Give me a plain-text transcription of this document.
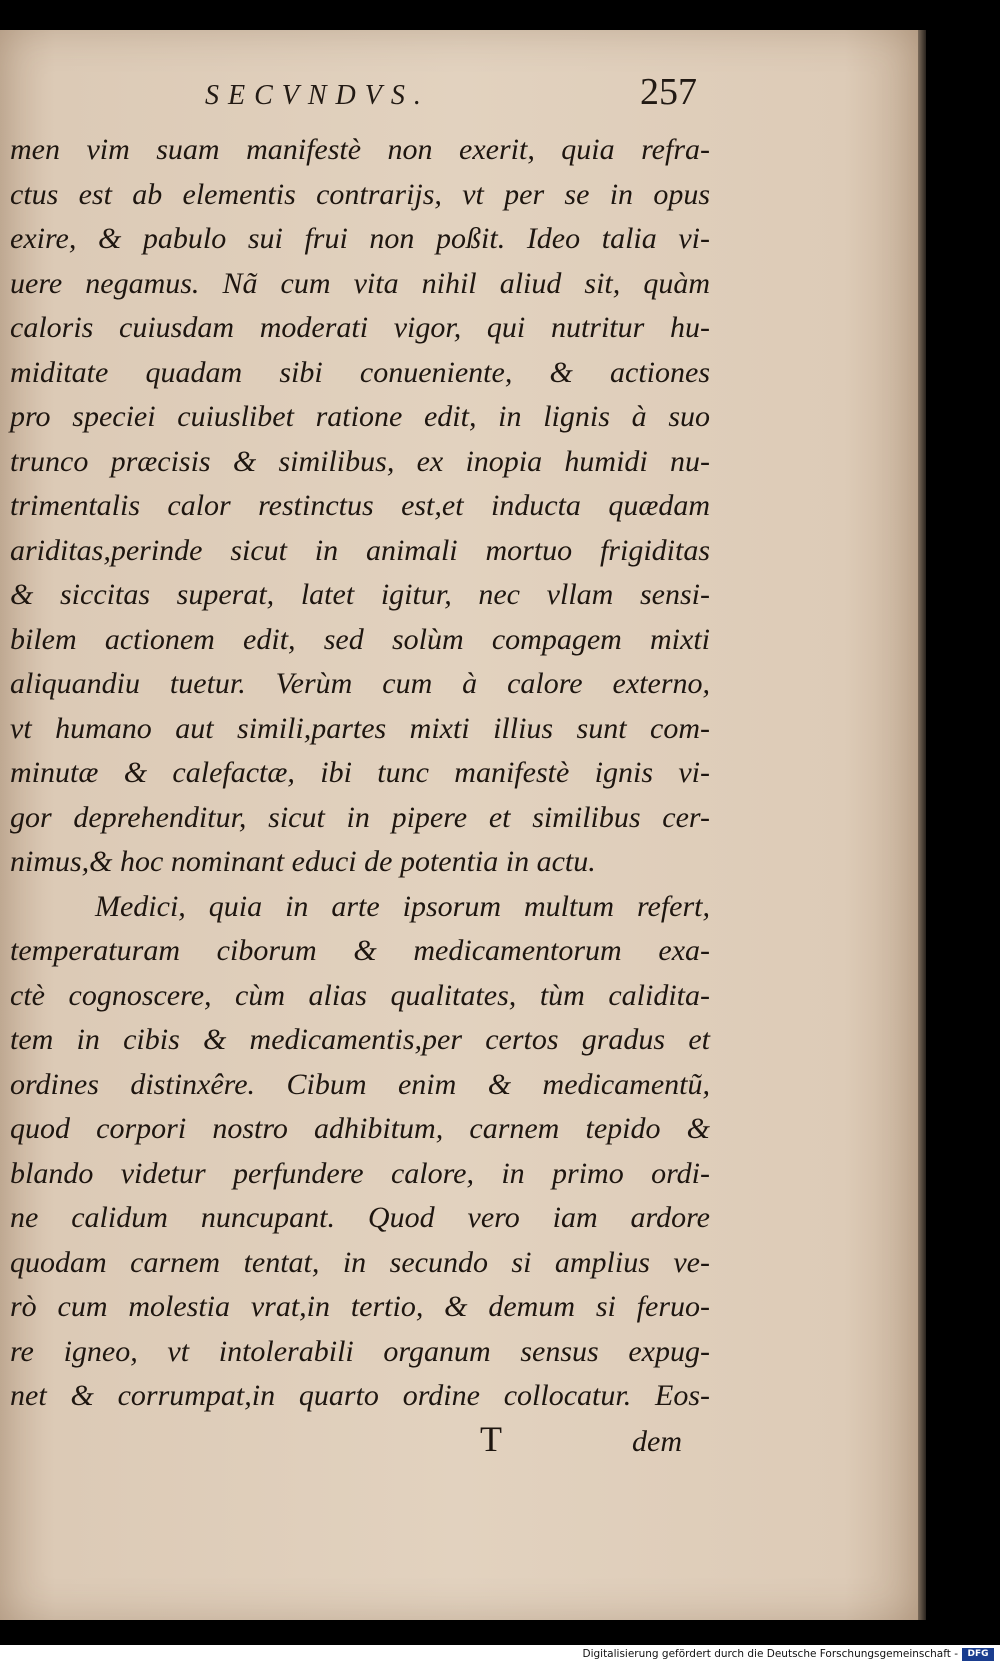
SECVNDVS.	257
men vim suam manifestè non exerit, quia refra-
ctus est ab elementis contrarijs, vt per se in opus
exire, & pabulo sui frui non poßit. Ideo talia vi-
uere negamus. Nã cum vita nihil aliud sit, quàm
caloris cuiusdam moderati vigor, qui nutritur hu-
miditate quadam sibi conueniente, & actiones
pro speciei cuiuslibet ratione edit, in lignis à suo
trunco præcisis & similibus, ex inopia humidi nu-
trimentalis calor restinctus est,et inducta quædam
ariditas,perinde sicut in animali mortuo frigiditas
& siccitas superat, latet igitur, nec vllam sensi-
bilem actionem edit, sed solùm compagem mixti
aliquandiu tuetur. Verùm cum à calore externo,
vt humano aut simili,partes mixti illius sunt com-
minutæ & calefactæ, ibi tunc manifestè ignis vi-
gor deprehenditur, sicut in pipere et similibus cer-
nimus,& hoc nominant educi de potentia in actu.
Medici, quia in arte ipsorum multum refert,
temperaturam ciborum & medicamentorum exa-
ctè cognoscere, cùm alias qualitates, tùm calidita-
tem in cibis & medicamentis,per certos gradus et
ordines distinxêre. Cibum enim & medicamentũ,
quod corpori nostro adhibitum, carnem tepido &
blando videtur perfundere calore, in primo ordi-
ne calidum nuncupant. Quod vero iam ardore
quodam carnem tentat, in secundo si amplius ve-
rò cum molestia vrat,in tertio, & demum si feruo-
re igneo, vt intolerabili organum sensus expug-
net & corrumpat,in quarto ordine collocatur. Eos-
T	dem
Digitalisierung gefördert durch die Deutsche Forschungsgemeinschaft -	DFG
